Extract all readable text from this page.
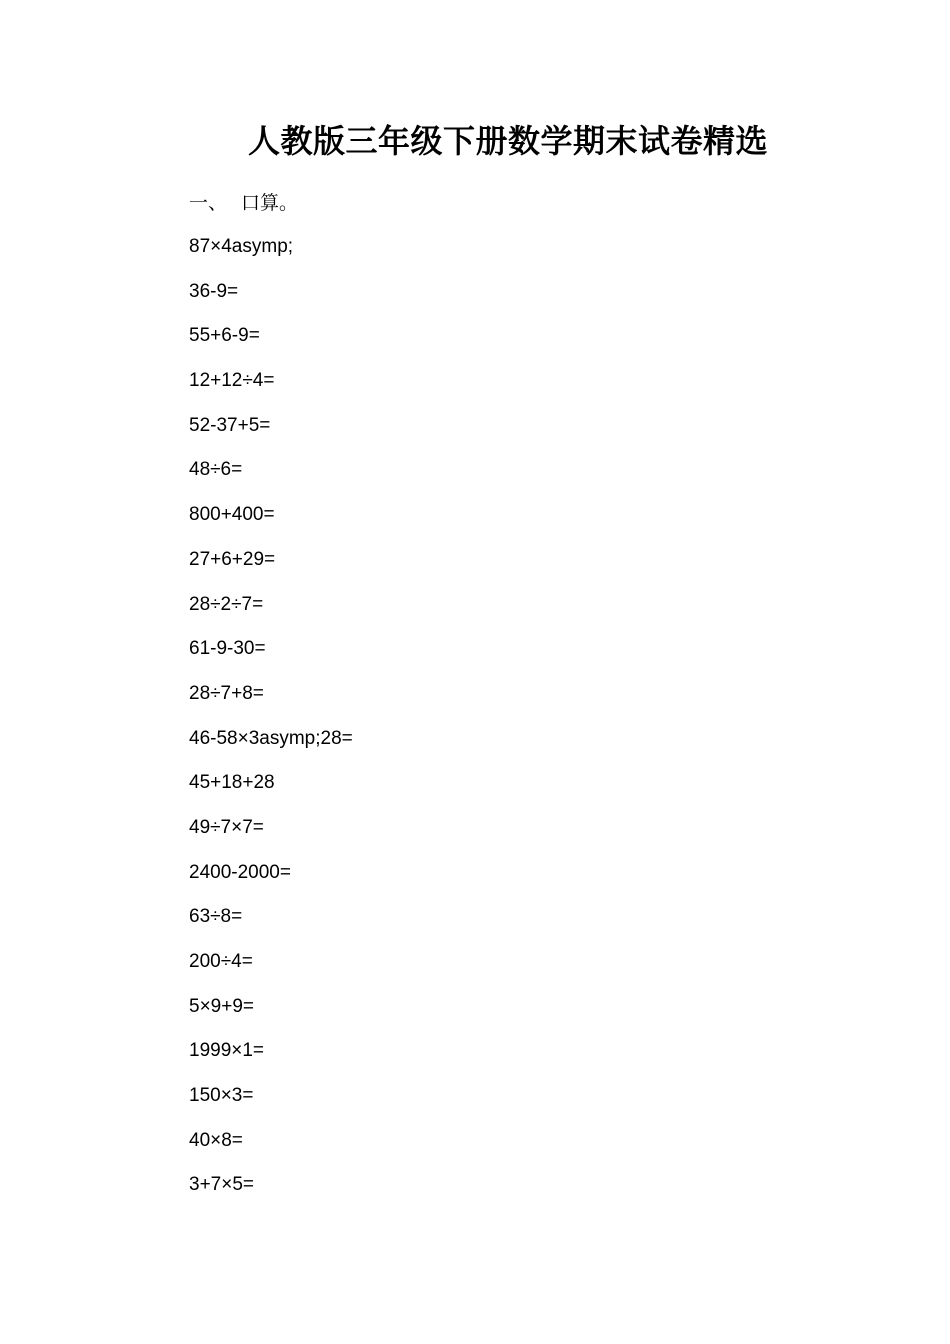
人教版三年级下册数学期末试卷精选
一、 口算。
87×4asymp;
36-9=
55+6-9=
12+12÷4=
52-37+5=
48÷6=
800+400=
27+6+29=
28÷2÷7=
61-9-30=
28÷7+8=
46-58×3asymp;28=
45+18+28
49÷7×7=
2400-2000=
63÷8=
200÷4=
5×9+9=
1999×1=
150×3=
40×8=
3+7×5=
